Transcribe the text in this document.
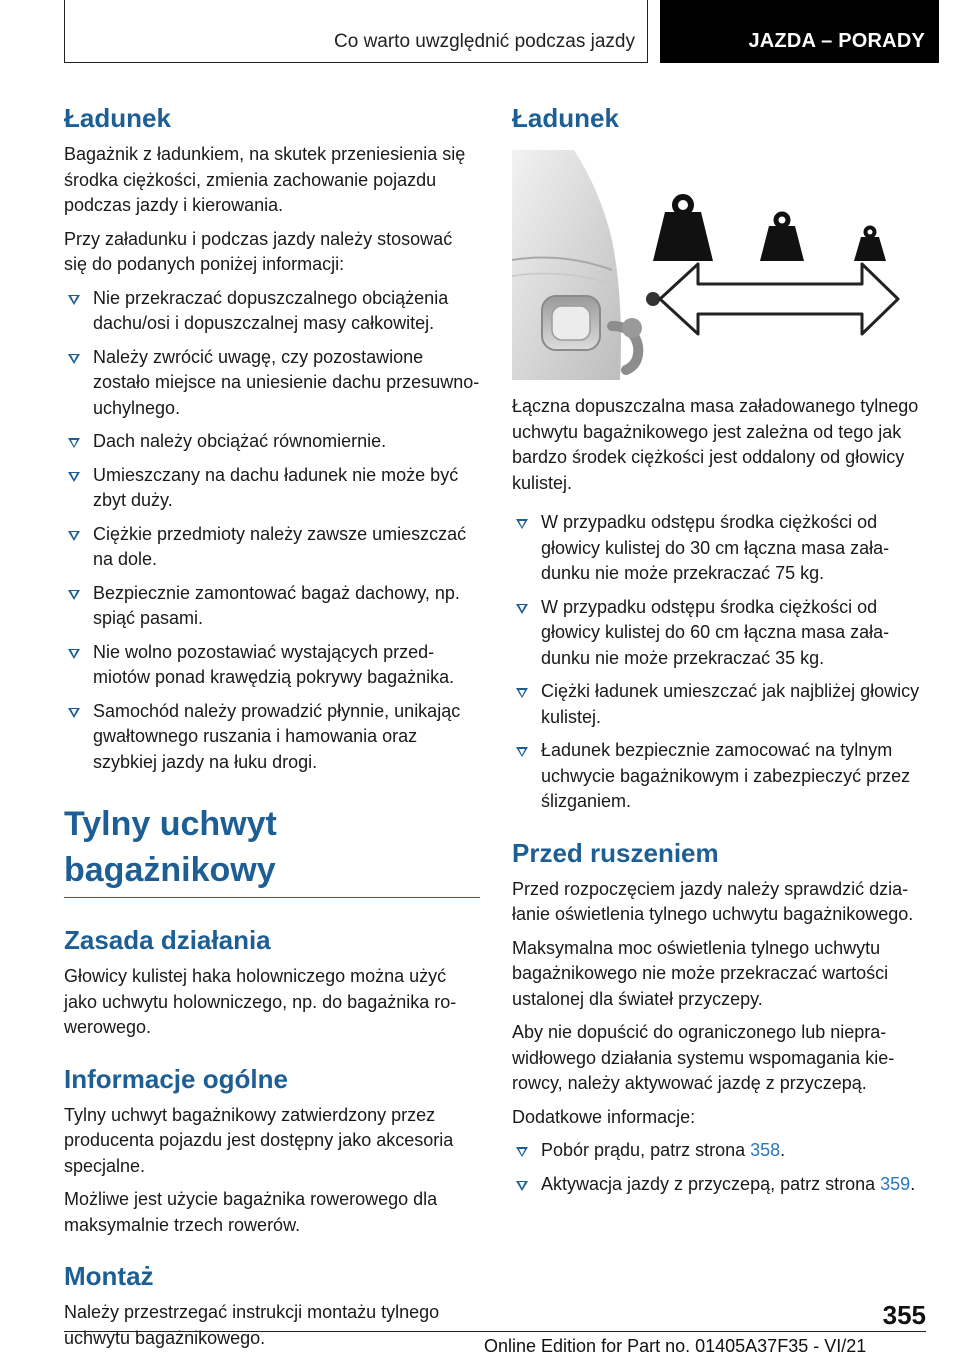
Co warto uwzględnić podczas jazdy	JAZDA – PORADY
Ładunek

Bagażnik z ładunkiem, na skutek przeniesienia się środka ciężkości, zmienia zachowanie pojazdu podczas jazdy i kierowania.

Przy załadunku i podczas jazdy należy stosować się do podanych poniżej informacji:

Nie przekraczać dopuszczalnego obciążenia dachu/osi i dopuszczalnej masy całkowitej.
Należy zwrócić uwagę, czy pozostawione zostało miejsce na uniesienie dachu przesuwno-uchylnego.
Dach należy obciążać równomiernie.
Umieszczany na dachu ładunek nie może być zbyt duży.
Ciężkie przedmioty należy zawsze umieszczać na dole.
Bezpiecznie zamontować bagaż dachowy, np. spiąć pasami.
Nie wolno pozostawiać wystających przedmiotów ponad krawędzią pokrywy bagażnika.
Samochód należy prowadzić płynnie, unikając gwałtownego ruszania i hamowania oraz szybkiej jazdy na łuku drogi.
Tylny uchwyt bagażnikowy
Zasada działania

Głowicy kulistej haka holowniczego można użyć jako uchwytu holowniczego, np. do bagażnika rowerowego.

Informacje ogólne

Tylny uchwyt bagażnikowy zatwierdzony przez producenta pojazdu jest dostępny jako akcesoria specjalne.

Możliwe jest użycie bagażnika rowerowego dla maksymalnie trzech rowerów.

Montaż

Należy przestrzegać instrukcji montażu tylnego uchwytu bagażnikowego.

Ładunek

Łączna dopuszczalna masa załadowanego tylnego uchwytu bagażnikowego jest zależna od tego jak bardzo środek ciężkości jest oddalony od głowicy kulistej.

W przypadku odstępu środka ciężkości od głowicy kulistej do 30 cm łączna masa załadunku nie może przekraczać 75 kg.
W przypadku odstępu środka ciężkości od głowicy kulistej do 60 cm łączna masa załadunku nie może przekraczać 35 kg.
Ciężki ładunek umieszczać jak najbliżej głowicy kulistej.
Ładunek bezpiecznie zamocować na tylnym uchwycie bagażnikowym i zabezpieczyć przez ślizganiem.
Przed ruszeniem

Przed rozpoczęciem jazdy należy sprawdzić działanie oświetlenia tylnego uchwytu bagażnikowego.

Maksymalna moc oświetlenia tylnego uchwytu bagażnikowego nie może przekraczać wartości ustalonej dla świateł przyczepy.

Aby nie dopuścić do ograniczonego lub nieprawidłowego działania systemu wspomagania kierowcy, należy aktywować jazdę z przyczepą.

Dodatkowe informacje:

Pobór prądu, patrz strona 358.
Aktywacja jazdy z przyczepą, patrz strona 359.
355
Online Edition for Part no. 01405A37F35 - VI/21
